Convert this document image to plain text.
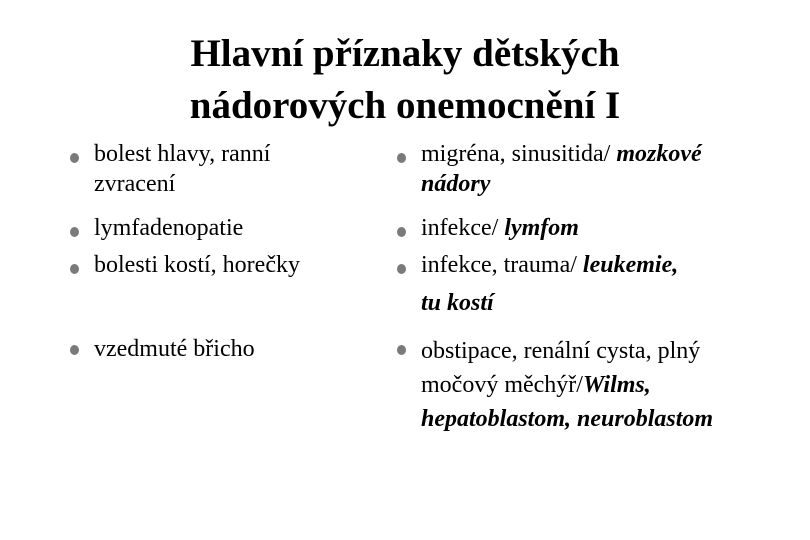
Hlavní příznaky dětských
nádorových onemocnění I
bolest hlavy, ranní
zvracení
lymfadenopatie
bolesti kostí, horečky
vzedmuté břicho
migréna, sinusitida/ mozkové
nádory
infekce/ lymfom
infekce, trauma/ leukemie,
tu kostí
obstipace, renální cysta, plný
močový měchýř/Wilms,
hepatoblastom, neuroblastom
